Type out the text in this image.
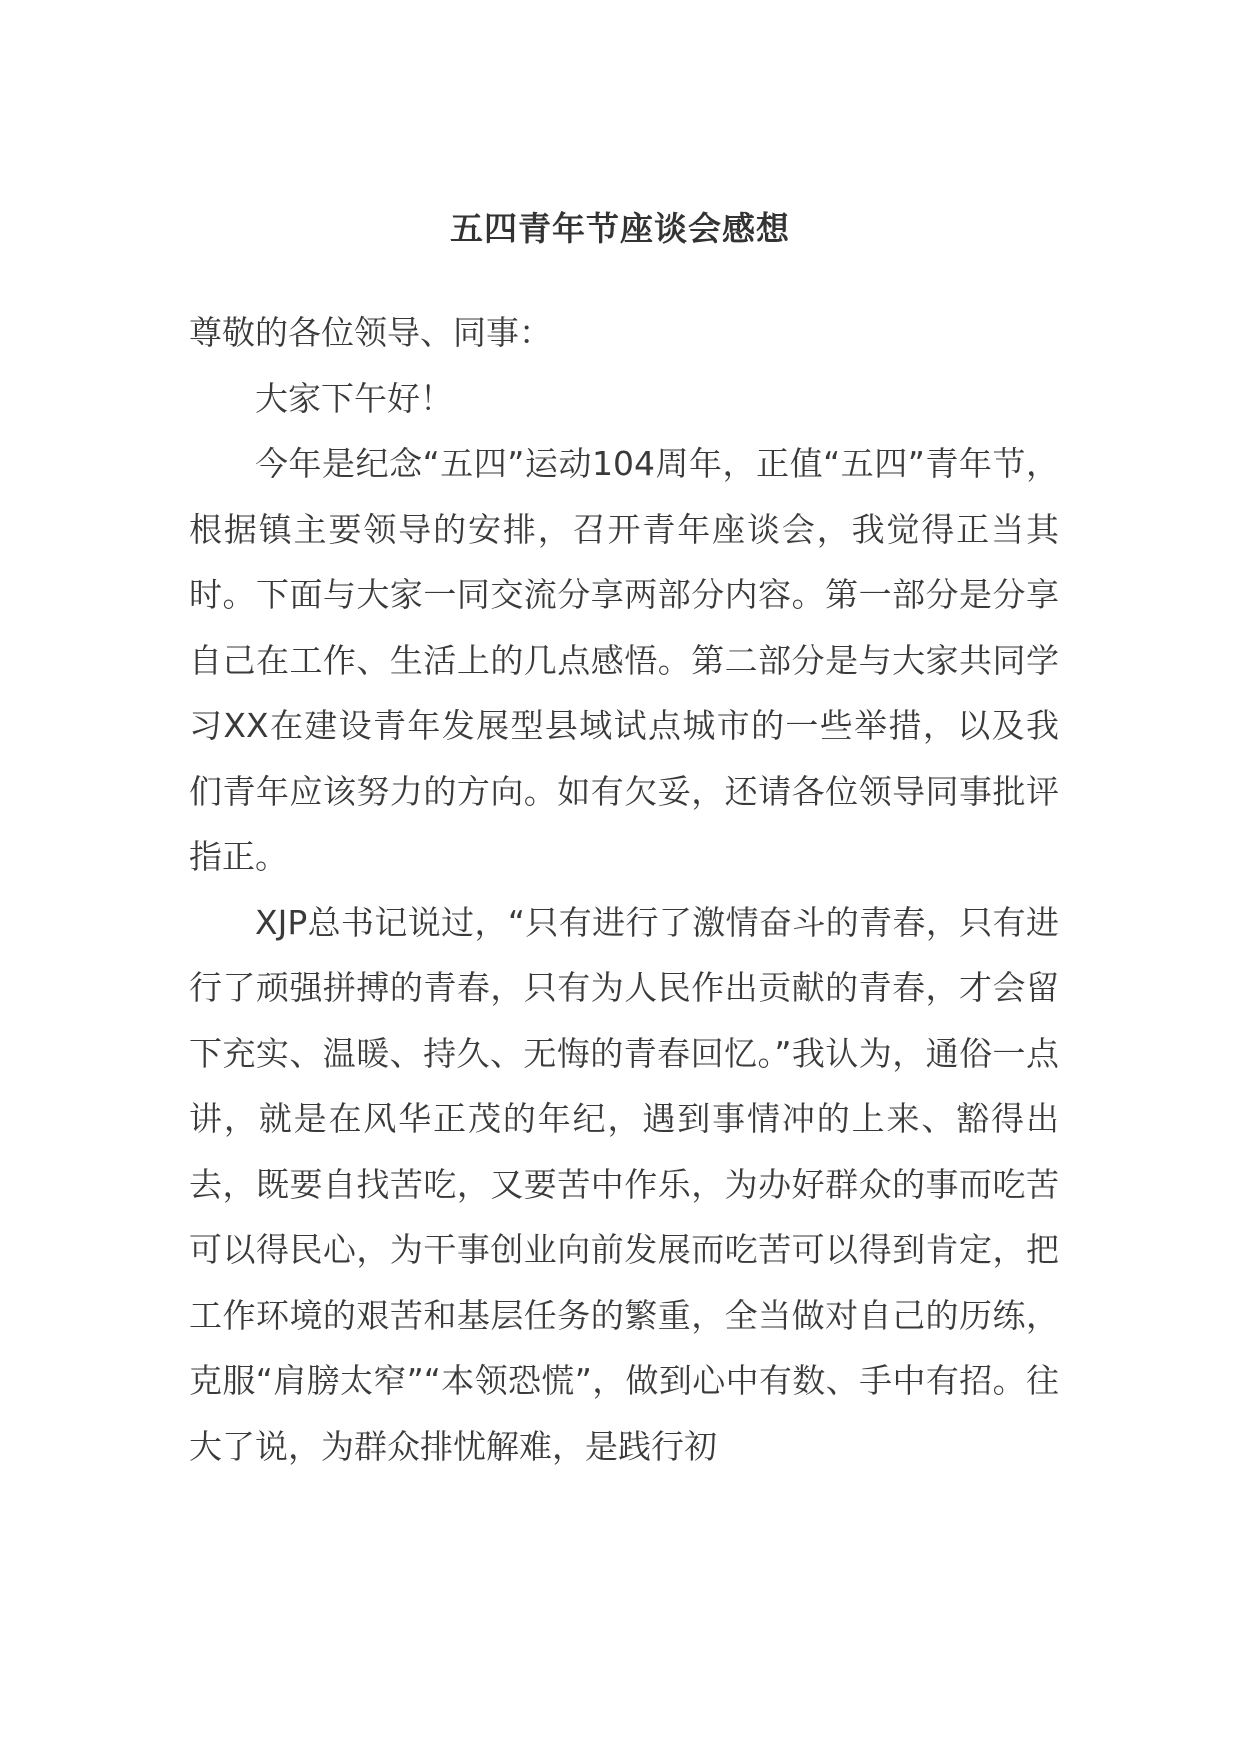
五四青年节座谈会感想

尊敬的各位领导、同事：

大家下午好！

今年是纪念“五四”运动104周年，正值“五四”青年节，根据镇主要领导的安排，召开青年座谈会，我觉得正当其时。下面与大家一同交流分享两部分内容。第一部分是分享自己在工作、生活上的几点感悟。第二部分是与大家共同学习XX在建设青年发展型县域试点城市的一些举措，以及我们青年应该努力的方向。如有欠妥，还请各位领导同事批评指正。

XJP总书记说过，“只有进行了激情奋斗的青春，只有进行了顽强拼搏的青春，只有为人民作出贡献的青春，才会留下充实、温暖、持久、无悔的青春回忆。”我认为，通俗一点讲，就是在风华正茂的年纪，遇到事情冲的上来、豁得出去，既要自找苦吃，又要苦中作乐，为办好群众的事而吃苦可以得民心，为干事创业向前发展而吃苦可以得到肯定，把工作环境的艰苦和基层任务的繁重，全当做对自己的历练，克服“肩膀太窄”“本领恐慌”，做到心中有数、手中有招。往大了说，为群众排忧解难，是践行初
